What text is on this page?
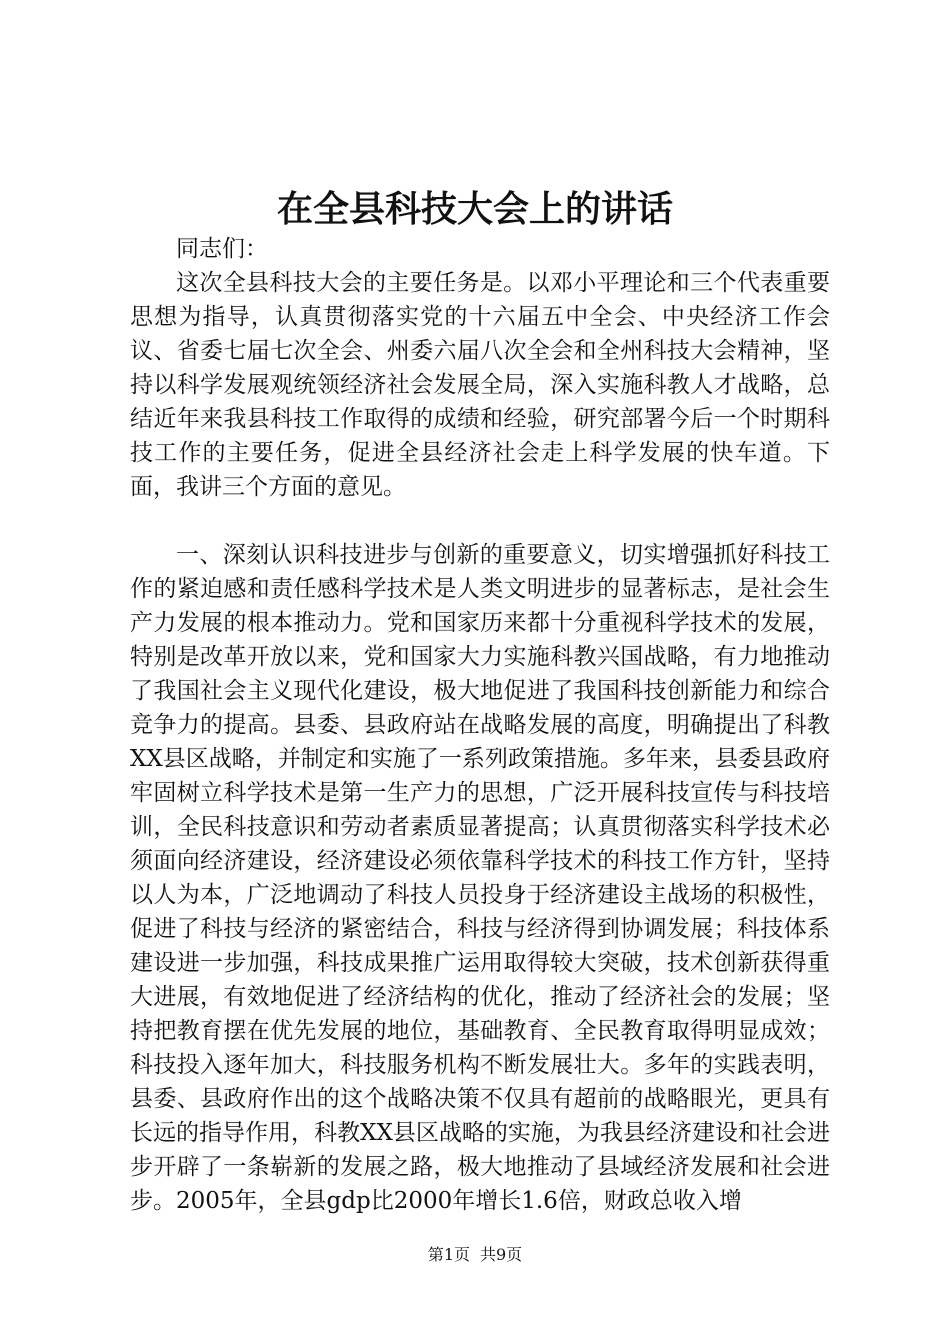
在全县科技大会上的讲话

同志们：

这次全县科技大会的主要任务是。以邓小平理论和三个代表重要思想为指导，认真贯彻落实党的十六届五中全会、中央经济工作会议、省委七届七次全会、州委六届八次全会和全州科技大会精神，坚持以科学发展观统领经济社会发展全局，深入实施科教人才战略，总结近年来我县科技工作取得的成绩和经验，研究部署今后一个时期科技工作的主要任务，促进全县经济社会走上科学发展的快车道。下面，我讲三个方面的意见。

一、深刻认识科技进步与创新的重要意义，切实增强抓好科技工作的紧迫感和责任感科学技术是人类文明进步的显著标志，是社会生产力发展的根本推动力。党和国家历来都十分重视科学技术的发展，特别是改革开放以来，党和国家大力实施科教兴国战略，有力地推动了我国社会主义现代化建设，极大地促进了我国科技创新能力和综合竞争力的提高。县委、县政府站在战略发展的高度，明确提出了科教XX县区战略，并制定和实施了一系列政策措施。多年来，县委县政府牢固树立科学技术是第一生产力的思想，广泛开展科技宣传与科技培训，全民科技意识和劳动者素质显著提高；认真贯彻落实科学技术必须面向经济建设，经济建设必须依靠科学技术的科技工作方针，坚持以人为本，广泛地调动了科技人员投身于经济建设主战场的积极性，促进了科技与经济的紧密结合，科技与经济得到协调发展；科技体系建设进一步加强，科技成果推广运用取得较大突破，技术创新获得重大进展，有效地促进了经济结构的优化，推动了经济社会的发展；坚持把教育摆在优先发展的地位，基础教育、全民教育取得明显成效；科技投入逐年加大，科技服务机构不断发展壮大。多年的实践表明，县委、县政府作出的这个战略决策不仅具有超前的战略眼光，更具有长远的指导作用，科教XX县区战略的实施，为我县经济建设和社会进步开辟了一条崭新的发展之路，极大地推动了县域经济发展和社会进步。2005年，全县gdp比2000年增长1.6倍，财政总收入增

第1页 共9页
